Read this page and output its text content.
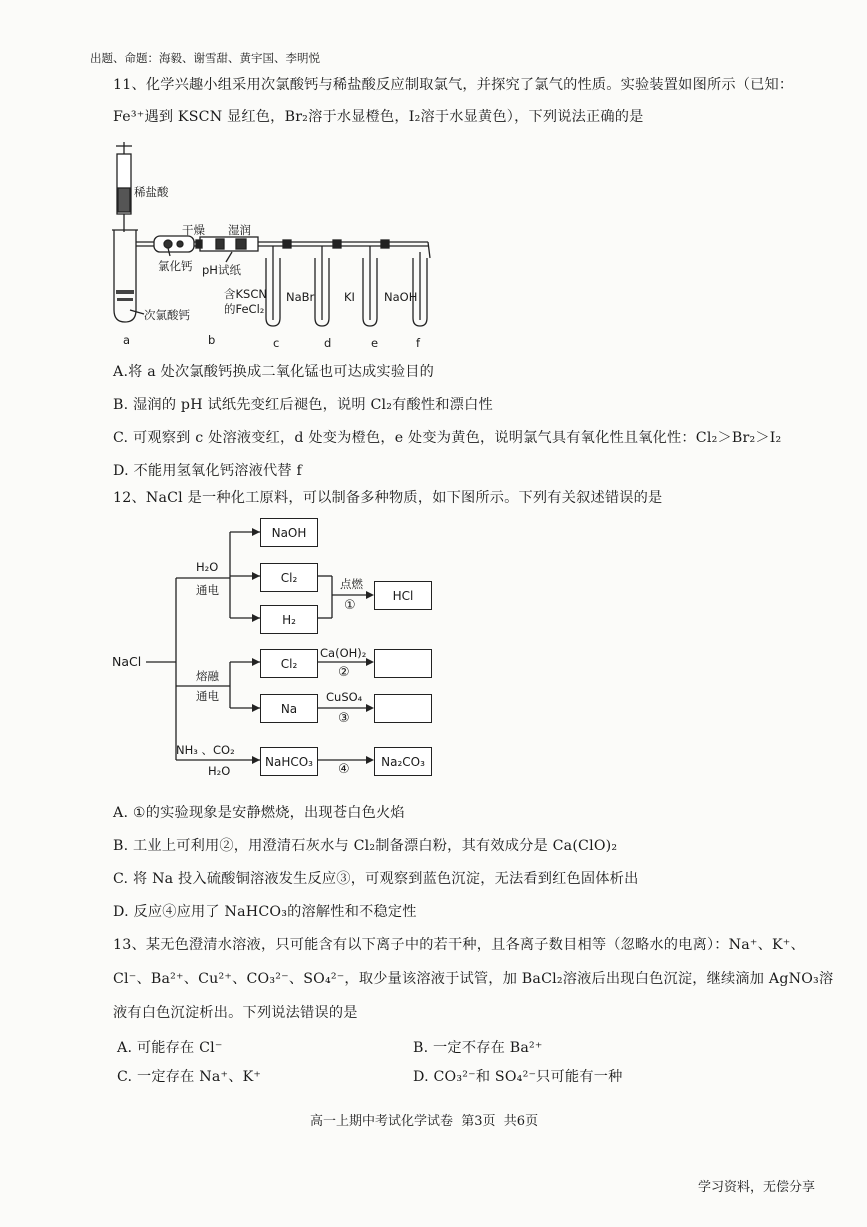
出题、命题：海毅、谢雪甜、黄宇国、李明悦
11、化学兴趣小组采用次氯酸钙与稀盐酸反应制取氯气，并探究了氯气的性质。实验装置如图所示（已知：
Fe³⁺遇到 KSCN 显红色，Br₂溶于水显橙色，I₂溶于水显黄色），下列说法正确的是
稀盐酸
次氯酸钙
干燥 湿润
氯化钙 pH试纸
含KSCN
的FeCl₂
NaBr	KI	NaOH
a	b	c	d	e	f
A.将 a 处次氯酸钙换成二氧化锰也可达成实验目的
B. 湿润的 pH 试纸先变红后褪色，说明 Cl₂有酸性和漂白性
C. 可观察到 c 处溶液变红，d 处变为橙色，e 处变为黄色，说明氯气具有氧化性且氧化性：Cl₂＞Br₂＞I₂
D. 不能用氢氧化钙溶液代替 f
12、NaCl 是一种化工原料，可以制备多种物质，如下图所示。下列有关叙述错误的是
NaCl
H₂O
通电
熔融
通电
NH₃ 、CO₂
H₂O
NaOH
Cl₂
H₂
点燃
①
HCl
Cl₂
Ca(OH)₂
②
Na
CuSO₄
③
NaHCO₃
④
Na₂CO₃
A. ①的实验现象是安静燃烧，出现苍白色火焰
B. 工业上可利用②，用澄清石灰水与 Cl₂制备漂白粉，其有效成分是 Ca(ClO)₂
C. 将 Na 投入硫酸铜溶液发生反应③，可观察到蓝色沉淀，无法看到红色固体析出
D. 反应④应用了 NaHCO₃的溶解性和不稳定性
13、某无色澄清水溶液，只可能含有以下离子中的若干种，且各离子数目相等（忽略水的电离）：Na⁺、K⁺、
Cl⁻、Ba²⁺、Cu²⁺、CO₃²⁻、SO₄²⁻，取少量该溶液于试管，加 BaCl₂溶液后出现白色沉淀，继续滴加 AgNO₃溶
液有白色沉淀析出。下列说法错误的是
A. 可能存在 Cl⁻	B. 一定不存在 Ba²⁺
C. 一定存在 Na⁺、K⁺	D. CO₃²⁻和 SO₄²⁻只可能有一种
高一上期中考试化学试卷  第3页  共6页
学习资料，无偿分享
